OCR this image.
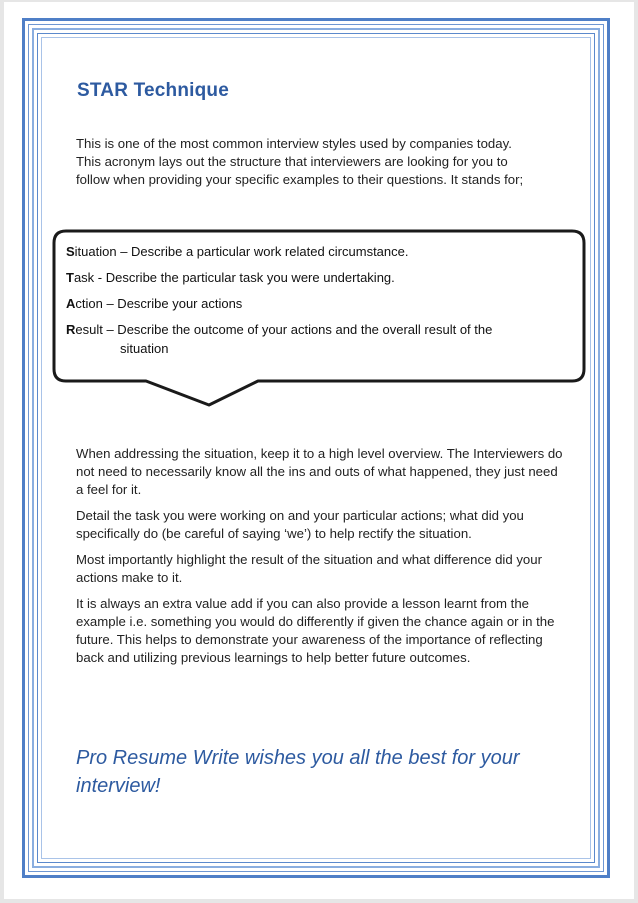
STAR Technique

This is one of the most common interview styles used by companies today.

This acronym lays out the structure that interviewers are looking for you to

follow when providing your specific examples to their questions. It stands for;

Situation – Describe a particular work related circumstance.
Task - Describe the particular task you were undertaking.
Action – Describe your actions
Result – Describe the outcome of your actions and the overall result of the
situation

When addressing the situation, keep it to a high level overview. The Interviewers do not need to necessarily know all the ins and outs of what happened, they just need a feel for it.

Detail the task you were working on and your particular actions; what did you specifically do (be careful of saying ‘we’) to help rectify the situation.

Most importantly highlight the result of the situation and what difference did your actions make to it.

It is always an extra value add if you can also provide a lesson learnt from the example i.e. something you would do differently if given the chance again or in the future. This helps to demonstrate your awareness of the importance of reflecting back and utilizing previous learnings to help better future outcomes.

Pro Resume Write wishes you all the best for your interview!
